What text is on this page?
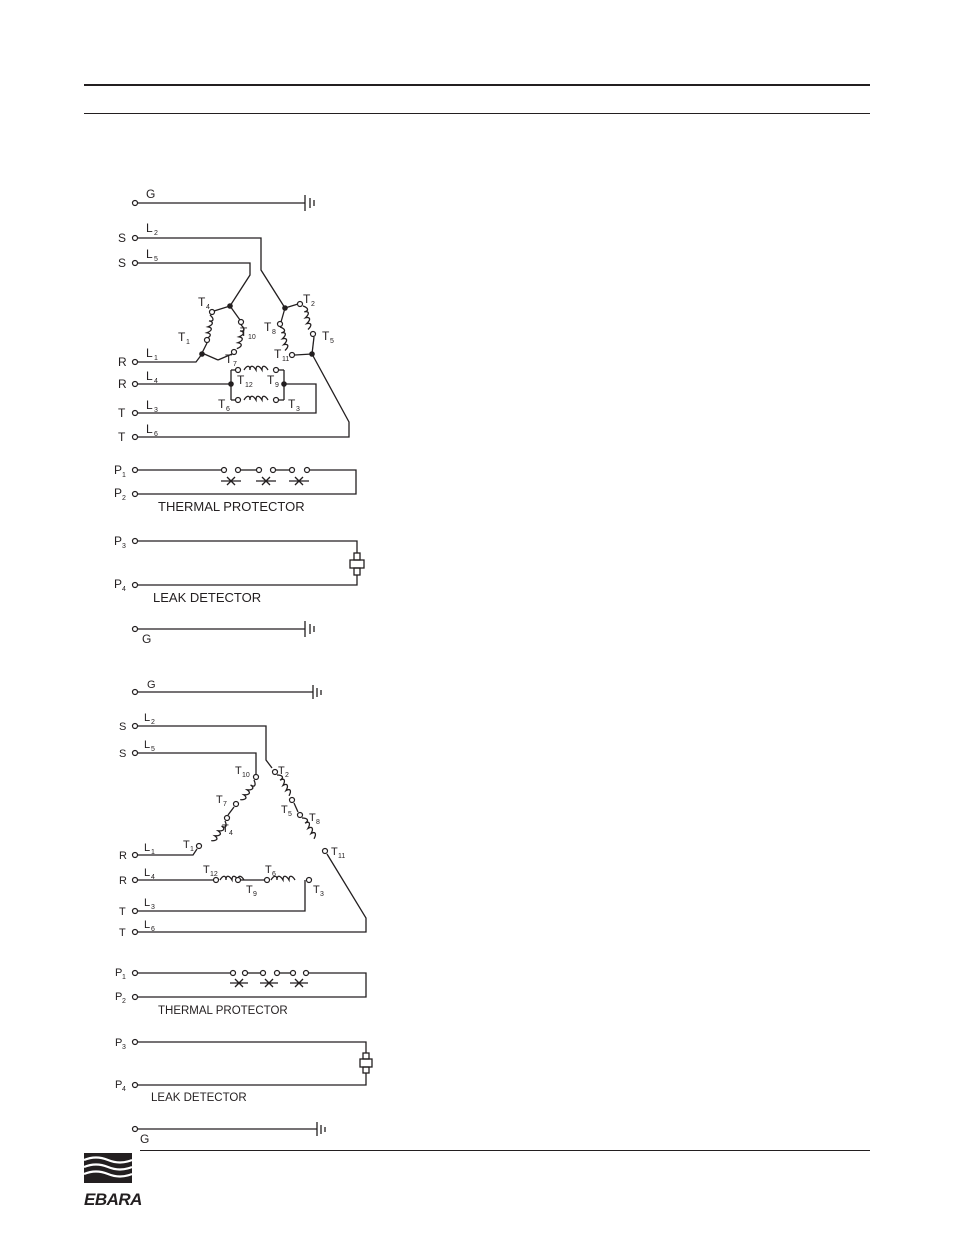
G
S
L 2
S
L 5
T 4
T 1
T 10
T 7
T 2
T 8	T 5
T 11
R
L 1
R
L 4	T 12 T 9
T 6	T 3
T
L 3
T
L 6
P 1
P 2
THERMAL PROTECTOR
P 3
P 4
LEAK DETECTOR
G
G
S
L 2
S
L 5
T 10
T 7
T 4
T 1
T 2
T 5 T 8
T 11
R
L 1
R
L 4
T 12	T 6
T 9	T 3
T
L 3
T
L 6
P 1
P 2
THERMAL PROTECTOR
P 3
P 4
LEAK DETECTOR
G
EBARA
